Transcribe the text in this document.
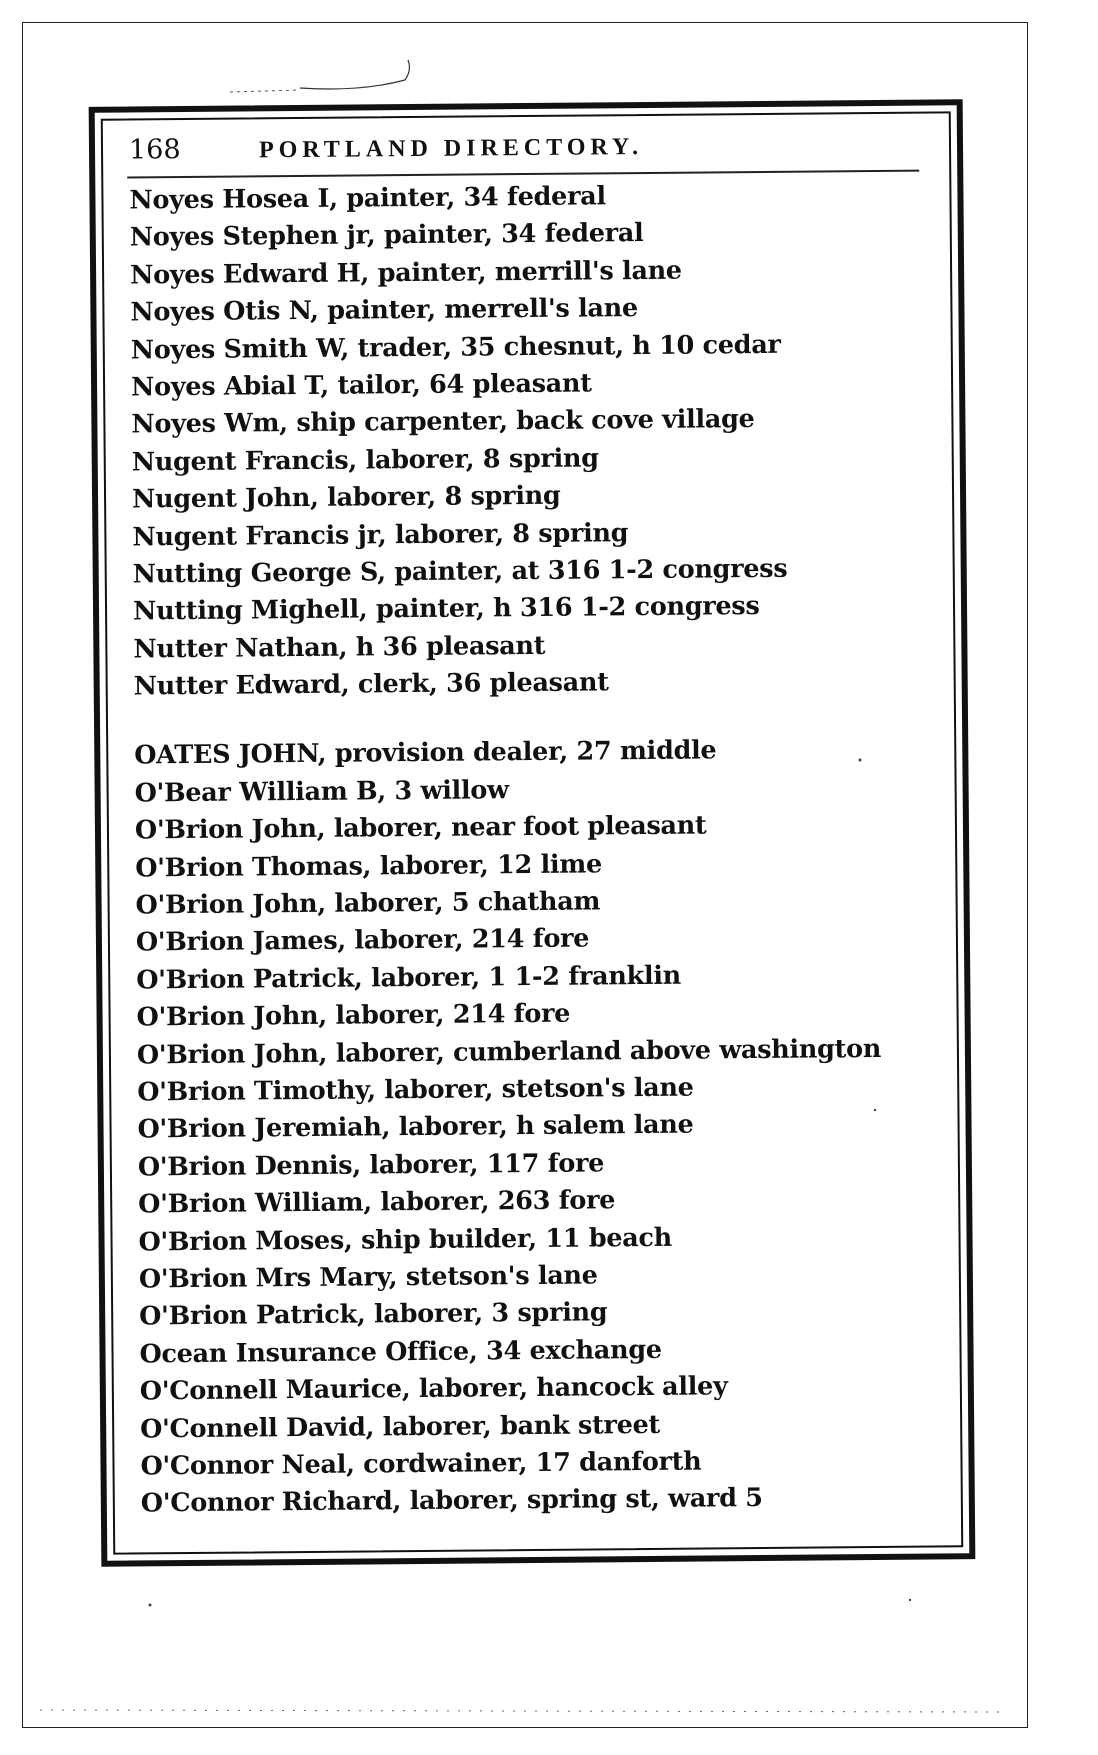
168	PORTLAND DIRECTORY.
Noyes Hosea I, painter, 34 federal
Noyes Stephen jr, painter, 34 federal
Noyes Edward H, painter, merrill's lane
Noyes Otis N, painter, merrell's lane
Noyes Smith W, trader, 35 chesnut, h 10 cedar
Noyes Abial T, tailor, 64 pleasant
Noyes Wm, ship carpenter, back cove village
Nugent Francis, laborer, 8 spring
Nugent John, laborer, 8 spring
Nugent Francis jr, laborer, 8 spring
Nutting George S, painter, at 316 1-2 congress
Nutting Mighell, painter, h 316 1-2 congress
Nutter Nathan, h 36 pleasant
Nutter Edward, clerk, 36 pleasant
OATES JOHN, provision dealer, 27 middle
O'Bear William B, 3 willow
O'Brion John, laborer, near foot pleasant
O'Brion Thomas, laborer, 12 lime
O'Brion John, laborer, 5 chatham
O'Brion James, laborer, 214 fore
O'Brion Patrick, laborer, 1 1-2 franklin
O'Brion John, laborer, 214 fore
O'Brion John, laborer, cumberland above washington
O'Brion Timothy, laborer, stetson's lane
O'Brion Jeremiah, laborer, h salem lane
O'Brion Dennis, laborer, 117 fore
O'Brion William, laborer, 263 fore
O'Brion Moses, ship builder, 11 beach
O'Brion Mrs Mary, stetson's lane
O'Brion Patrick, laborer, 3 spring
Ocean Insurance Office, 34 exchange
O'Connell Maurice, laborer, hancock alley
O'Connell David, laborer, bank street
O'Connor Neal, cordwainer, 17 danforth
O'Connor Richard, laborer, spring st, ward 5
